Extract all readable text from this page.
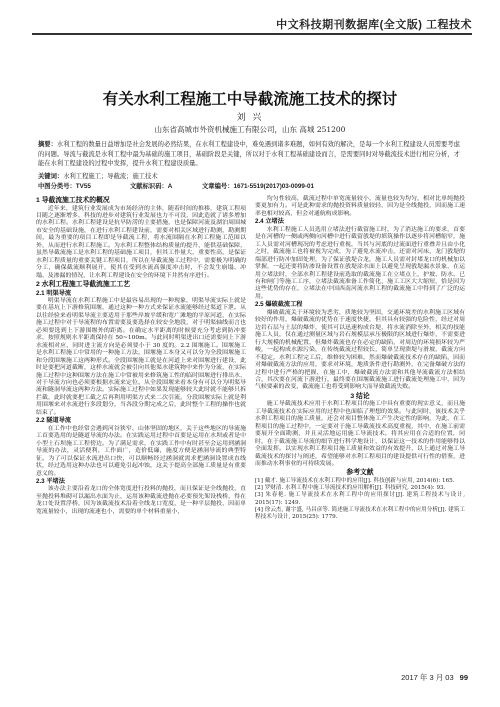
中文科技期刊数据库(全文版) 工程技术
有关水利工程施工中导截流施工技术的探讨
刘 兴
山东省高城市外资机械施工有限公司，山东 高城 251200
摘要：水利工程的数量日益增加是社会发展的必然结果，在水利工程建设中，难免遇到诸多难题，如何有效的解决，是每一个水利工程建设人员需要考虑的问题。导流与截流是水利工程中最为基础的施工项目，基础阶段是关键，所以对于水利工程基础建设而言，是需要同时对导截流技术进行相应分析，才能在水利工程建设的过程中发挥，提升水利工程建设质量。
关键词：水利工程施工；导截流；施工技术
中图分类号：TV55	文献标识码：A	文章编号：1671-5519(2017)03-0099-01
1 导截流施工技术的概况

近年来，建筑行业发展成为市场经济的主体，随着时间的推移，建筑工程项目随之逐渐增多，科技的进步对建筑行业发展也力不可没，因此造就了诸多增加的水利工程。水利工程建设是抗旱防涝的主要措施，也是保障河流及湖泊周围城市安全的基础设施，在进行水利工程建设前，需要对相关区域进行勘测，勘测期间，最为重要的项目工程即是导截流工程，将水流围隔在水利工程施工范围以外，从而进行水利工程施工。为水利工程整体结构质量的提升，能供基础保障，虽然导截流施工是水利工程的基础施工项目，但其工作量大，重要性高，是保证水利工程质量的重要关键工程项目，所以在导截流施工过程中，需要极为明确的分工，确保截流顺利展开，使其在受到水流高强度冲击时，不会发生崩塌、冲塌、及渗漏的情况，让水利工程建设在安全的环境下井然有序进行。

2 水利工程施工导截流施工工艺
2.1 明渠导流

明渠导流在水利工程施工中是最容易出现的一种现象，明渠导流实际上就是要在基坑上下游修筑围堰，通过这种一种方式来保证水流能够经过渠道下泄。从以往经验来看明渠导流主要适用于那些岸坡平缓和宽广滩地的平原河道，在实际施工过程中对于导流程的布置需要及要选择在较安全地段，对于明渠轴线而言也必须要选到上下游围堰外的距离。在确定水平距离的时候要充分考虑到防冲要求，按照规则水平距离保持在 50~100m。与此同时明渠进出口还需要同上下游水流相对应，同时进主流方向是必须要小于 30 度的。2.2 围堰施工。围堰施工是水利工程施工中常用的一种施工方法，围堰施工本身又可以分为全段围堰施工和分段围堰施工这两种形式。全段围堰施工就是在河道上来对围堰进行建设，此时是要把河道截断，这样水流就会被引向其他渠水建筑物中来作为分流，在实际施工过程中这种围堰方法在施工中常被用来修筑施工性的临时围堰进行排出水，对于导流方向也必须要根据水流来定位。从全段围堰来看本身有可以分为明渠导流和隧洞导流这两种方法。实际施工过程中如果发现能够较大此时就不能够只拆拦截，此时就要把工截之后再利用明渠方式来二次引流。分段围堰实际上就是利用围堰来对水流进行多段划分，当各段分期完成之后，此时整个工程的操作也就结束了。

2.2 隧道导流

在工作中也经常会遇到河谷狭窄、山体坚固的地区，关于这些地区的导流施工首要选用的是隧道导流的办法。在实践运用过程中首要是运用在水坝或者是中小型土石坝施工工程傍边。为了满足需求，在实践工作中有时甚至会运用到涵洞导流的办法，灵活便利，工作面广，造价低廉，施度方便是涵洞导流的典型特征。为了可以保证水流进出口快，可以顺畅经过涵洞就需求把涵洞设置成直线状，经过选用这种办法也可以避免引起冲蚀，这关于提高全部施工质量是有重要意义的。

2.3 平堵法

该办法主要沿着龙口的全体宽度进行投料的抛投，而且保证是全线抛投，直至抛投料堆砌可以漏出水面为止，运用该种截流进抛在必要预先架设栈桥，得在龙口处设置浮桥，因为该截流技术沿着全线龙口宽度，是一种平层抛投，因而单宽流量较小，出现的流速也小，需要的单个材料重量小，

均匀性较高，截流过程中单宽流量较小，流量也较为均匀，相对比单纯抛投要更加有力。可是此种需求的抛投资料质量较轻，因为是全线抛投，因而施工速率也相对较高，但会对通航构成影响。

2.4 立堵法

水利工程施工人员选用立堵法进行截留施工时，为了消达施工的要求，首要是在河槽的一侧或两侧向河槽中进行截留戗堤的填筑操作以逐步将河槽缩窄，施工人员需对河槽现况的考虑进行重视，当其与河底的过流面进行重叠并且由小化之时，截流施工也将被视为完成，为了避免水流冲击，还需对河床，龙门戗堤的端部进行防冲加固处理，为了保证戗堤合龙，施工人员需对封堵龙口的机械加以掌握，一起还要将防渗设备设置在戗堤涂水面上以避免呈现戗堤漏水景象，在运用立堵法时，全部水利工程建设前选取的截流施工在立堵点上，护坡、防水、已有和闸门等施工工序，立堵法截流准备工作简化，施工工区大大缩短，恰是因为这些优势的存在，立堵法在中国西南河流水利工程的截流施工中得到了广泛的运用。

2.5 爆破截流工程

爆破截流关于环境较为恶劣，质地较为坚固，交通环境差的水利施工区域有较好的作用，爆破截流的优势在于速度快捷，但其具有较强的危险性，经过对周边岩石层与土层的爆炸，使其可以迅速构成台堤，将水流消除至外，相关的技能施工人员，仅在通过测量区域与岩石规模层承压极限的区域进行爆炸，不需要进行大规模的机械配置，但爆炸截流也存在必定的缺陷，对周边的环境损坏较为严峻，一起构成水源污染，在传统截流过程较长，简单呈现溃堤与滑坡，截流方向不稳定，水利工程完工后，维修较为困难，然而爆破截流技术存在的缺陷，因而对爆破截流方法的应用，要求对环境，地质条件进行勘测外，在完备爆破方法的过程中进行严格的把握，在施工中，爆破截流方法需和其他导流截流方法相结合，其次要在河流下游进行，最终要在围堰截流施工进行截流处理施工中，因为气候要素的改变，截流施工也将受到影响大而导致截流失败。

3 结论

施工导截流技术应用于水利工程项目的施工中具有重要的现实意义，而且施工导截流技术在实际应用的过程中也面临了理想的效果。与此同时，该技术关乎水利工程项目的施工质量，还会对项目整体施工产生决定性的影响，为此，在工程项目的施工过程中，一定要对于施工导截流技术高度重视，其中，在施工前需要展开全面勘测，并且灵活地运用施工导流技术，将其应用在合适的位置，同时，在于截流施工导流的细节进行科学地设计，以保证这一技术的作用能够得以全面发挥。以实现水利工程项目施工质量和效益的有效提升，以上通过对施工导截流技术的探讨与阐述，希望能够对水利工程项目的建设提供可行性的借鉴，进而推动水利事业的可持续发展。

参考文献

[1] 戴才. 施工导流技术在水利工程中的应用[J]. 科技创新与应用, 2014(6): 165.

[2] 罗财清. 水利工程中施工导流技术的应用解析[J]. 科技研究, 2015(4): 93.

[3] 朱春艳. 施工导流技术在水利工程中的应用探讨[J]. 建筑工程技术与设计, 2015(17): 1249.

[4] 徐云杰, 谢宇盛, 马昌彦等. 简述施工导流技术在水利工程中的应用分析[J]. 建筑工程技术与设计, 2015(25): 1779.

2017 年 3 月 03 99
